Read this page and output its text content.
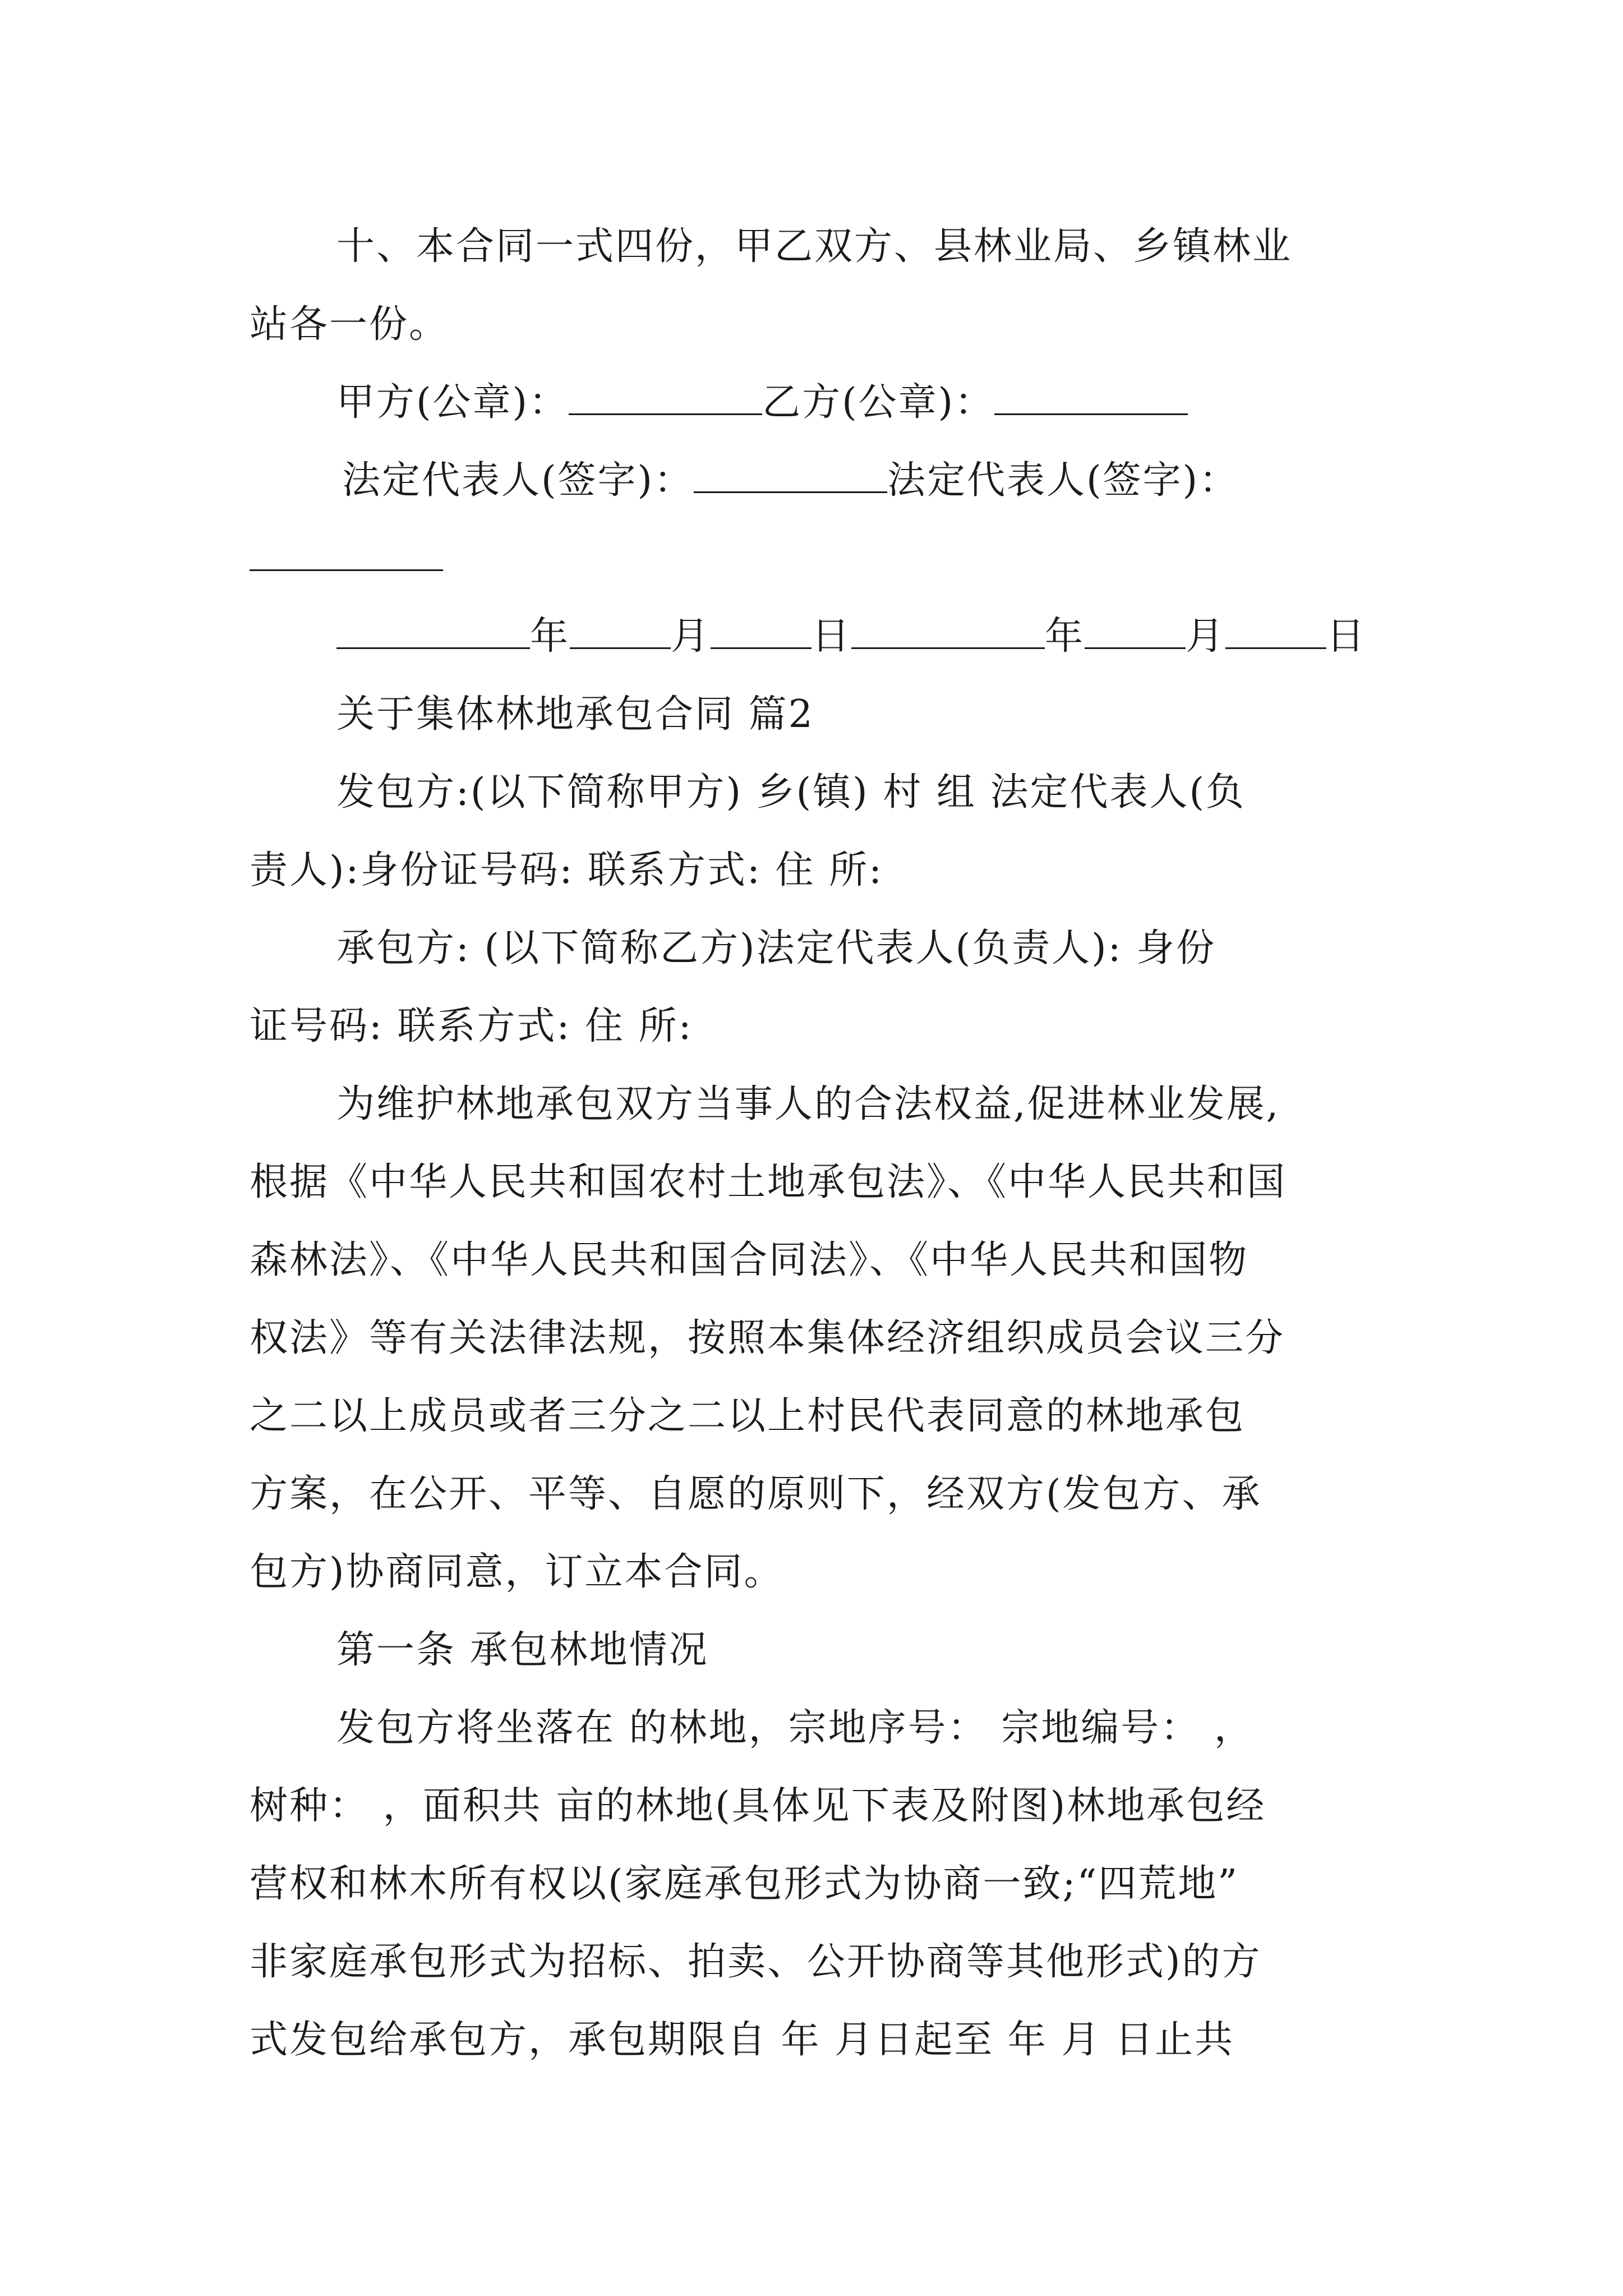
十、本合同一式四份，甲乙双方、县林业局、乡镇林业
站各一份。
甲方(公章)：	乙方(公章)：
法定代表人(签字)：	法定代表人(签字)：
年	月	日	年	月	日
关于集体林地承包合同 篇2
发包方:(以下简称甲方) 乡(镇) 村 组 法定代表人(负
责人):身份证号码: 联系方式: 住 所:
承包方: (以下简称乙方)法定代表人(负责人): 身份
证号码: 联系方式: 住 所:
为维护林地承包双方当事人的合法权益,促进林业发展,
根据《中华人民共和国农村土地承包法》、《中华人民共和国
森林法》、《中华人民共和国合同法》、《中华人民共和国物
权法》等有关法律法规，按照本集体经济组织成员会议三分
之二以上成员或者三分之二以上村民代表同意的林地承包
方案，在公开、平等、自愿的原则下，经双方(发包方、承
包方)协商同意，订立本合同。
第一条 承包林地情况
发包方将坐落在 的林地，宗地序号： 宗地编号： ，
树种： ，面积共 亩的林地(具体见下表及附图)林地承包经
营权和林木所有权以(家庭承包形式为协商一致;“四荒地”
非家庭承包形式为招标、拍卖、公开协商等其他形式)的方
式发包给承包方，承包期限自 年 月日起至 年 月 日止共
